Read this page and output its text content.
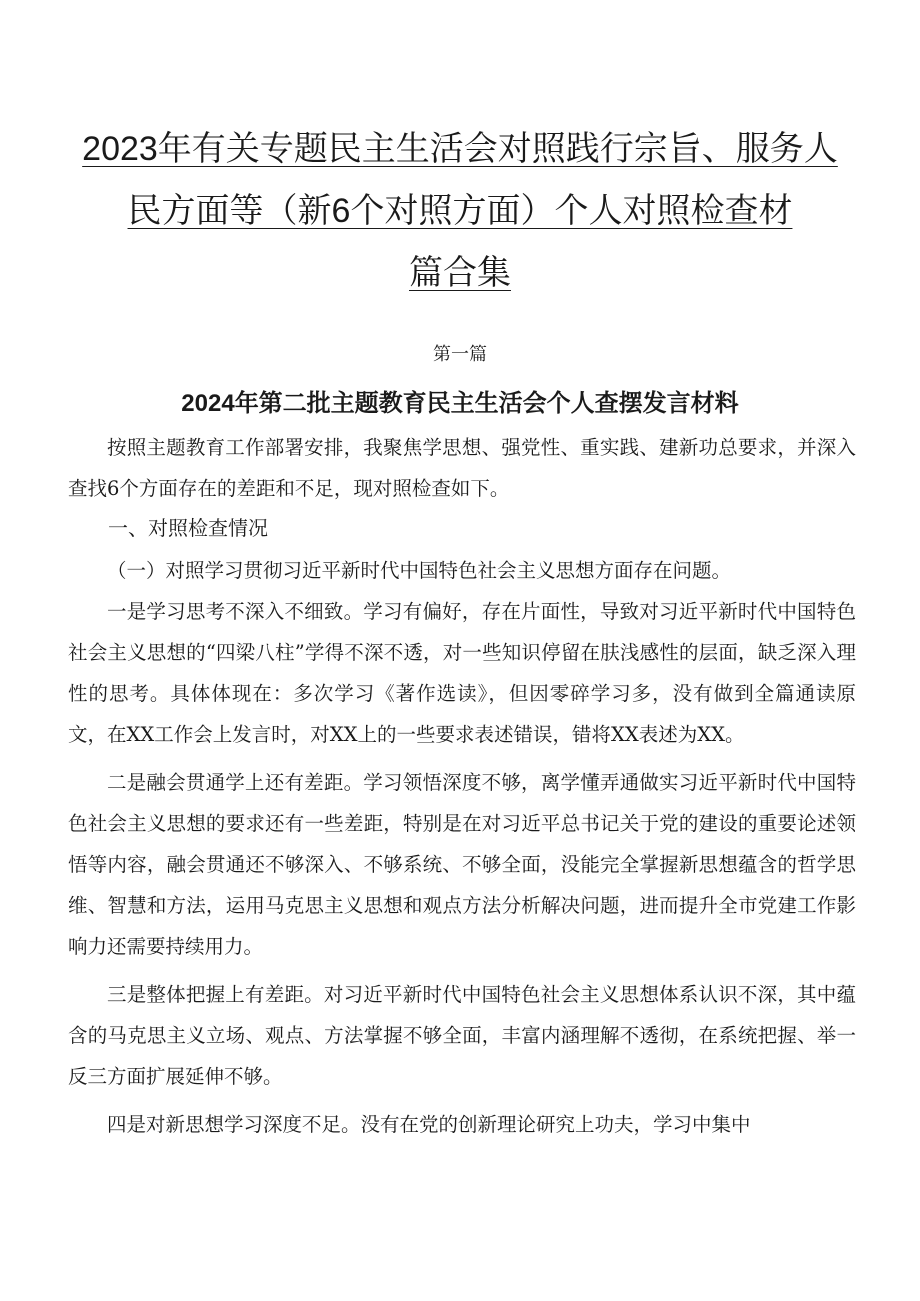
2023年有关专题民主生活会对照践行宗旨、服务人
民方面等（新6个对照方面）个人对照检查材
篇合集

第一篇

2024年第二批主题教育民主生活会个人查摆发言材料

按照主题教育工作部署安排，我聚焦学思想、强党性、重实践、建新功总要求，并深入查找6个方面存在的差距和不足，现对照检查如下。

一、对照检查情况

（一）对照学习贯彻习近平新时代中国特色社会主义思想方面存在问题。

一是学习思考不深入不细致。学习有偏好，存在片面性，导致对习近平新时代中国特色社会主义思想的“四梁八柱”学得不深不透，对一些知识停留在肤浅感性的层面，缺乏深入理性的思考。具体体现在：多次学习《著作选读》，但因零碎学习多，没有做到全篇通读原文，在XX工作会上发言时，对XX上的一些要求表述错误，错将XX表述为XX。

二是融会贯通学上还有差距。学习领悟深度不够，离学懂弄通做实习近平新时代中国特色社会主义思想的要求还有一些差距，特别是在对习近平总书记关于党的建设的重要论述领悟等内容，融会贯通还不够深入、不够系统、不够全面，没能完全掌握新思想蕴含的哲学思维、智慧和方法，运用马克思主义思想和观点方法分析解决问题，进而提升全市党建工作影响力还需要持续用力。

三是整体把握上有差距。对习近平新时代中国特色社会主义思想体系认识不深，其中蕴含的马克思主义立场、观点、方法掌握不够全面，丰富内涵理解不透彻，在系统把握、举一反三方面扩展延伸不够。

四是对新思想学习深度不足。没有在党的创新理论研究上功夫，学习中集中
